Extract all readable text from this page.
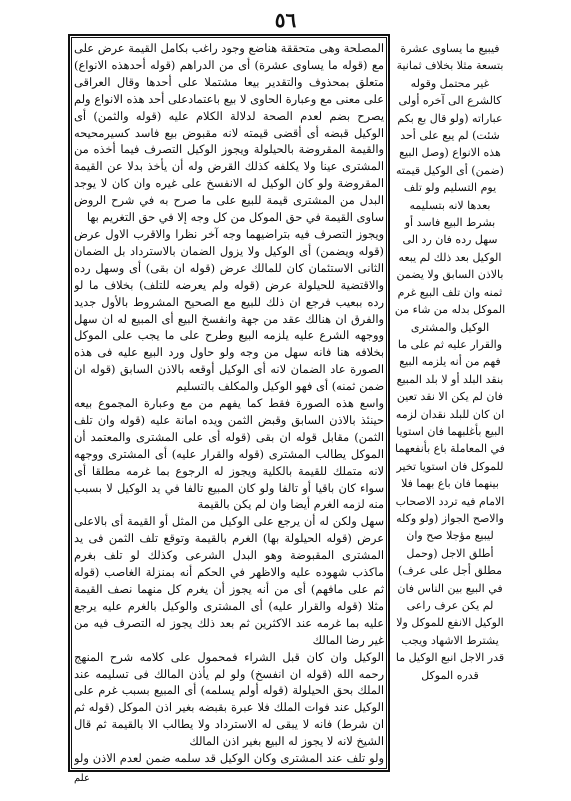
٥٦

المصلحة وهى متحققة هناضع وجود راغب بكامل القيمة عرض على مع (قوله ما يساوى عشرة) أى من الدراهم (قوله أحدهذه الانواع) متعلق بمحذوف والتقدير بيعا مشتملا على أحدها وقال العراقى على معنى مع وعبارة الحاوى لا بيع باعتمادعلى أحد هذه الانواع ولم يصرح بضم لعدم الصحة لدلالة الكلام عليه (قوله والثمن) أى الوكيل قبضه أى أقضى قيمته لانه مقبوض بيع فاسد كسيرمحيحه والقيمة المقروضة بالحيلولة ويجوز الوكيل التصرف فيما أخذه من المشترى عينا ولا يكلفه كذلك القرض وله أن يأخذ بدلا عن القيمة المقروضة ولو كان الوكيل له الانفسخ على غيره وان كان لا يوجد البدل من المشترى قيمة للبيع على ما صرح به في شرح الروض ساوى القيمة في حق الموكل من كل وجه إلا في حق التغريم بها

ويجوز التصرف فيه بتراضيهما وجه آخر نظرا والاقرب الاول عرض (قوله ويضمن) أى الوكيل ولا يزول الضمان بالاسترداد بل الضمان الثانى الاستئمان كان للمالك عرض (قوله ان بقى) أى وسهل رده والاقتضية للحيلولة عرض (قوله ولم يعرضه للتلف) بخلاف ما لو رده ببعيب فرجع ان ذلك للبيع مع الصحيح المشروط بالأول جديد والفرق ان هنالك عقد من جهة وانفسخ البيع أى المبيع له ان سهل ووجهه الشرع عليه يلزمه البيع وطرح على ما يجب على الموكل بخلافه هنا فانه سهل من وجه ولو حاول ورد البيع عليه فى هذه الصورة عاد الضمان لانه أى الوكيل أوقعه بالاذن السابق (قوله ان ضمن ثمنه) أى فهو الوكيل والمكلف بالتسليم

واسع هذه الصورة فقط كما يفهم من مع وعبارة المجموع بيعه حينئذ بالاذن السابق وقبض الثمن ويده امانة عليه (قوله وان تلف الثمن) مقابل قوله ان بقى (قوله أى على المشترى والمعتمد أن الموكل يطالب المشترى (قوله والقرار عليه) أى المشترى ووجهه لانه متملك للقيمة بالكلية ويجوز له الرجوع بما غرمه مطلقا أى سواء كان باقيا أو تالفا ولو كان المبيع تالفا في يد الوكيل لا بسبب منه لزمه الغرم أيضا وان لم يكن بالقيمة

سهل ولكن له أن يرجع على الوكيل من المثل أو القيمة أى بالاعلى عرض (قوله الحيلولة بها) الغرم بالقيمة وتوقع تلف الثمن فى يد المشترى المقبوضة وهو البدل الشرعى وكذلك لو تلف بغرم ماكذب شهوده عليه والاظهر في الحكم أنه بمنزلة الغاصب (قوله ثم على مافهم) أى من أنه يجوز أن يغرم كل منهما نصف القيمة مثلا (قوله والقرار عليه) أى المشترى والوكيل بالغرم عليه يرجع عليه بما غرمه عند الاكثرين ثم بعد ذلك يجوز له التصرف فيه من غير رضا المالك

الوكيل وان كان قبل الشراء فمحمول على كلامه شرح المنهج رحمه الله (قوله ان انفسخ) ولو لم يأذن المالك فى تسليمه عند الملك بحق الحيلولة (قوله أولم يسلمه) أى المبيع بسبب غرم على الوكيل عند فوات الملك فلا عبرة بقبضه بغير اذن الموكل (قوله ثم ان شرط) فانه لا يبقى له الاسترداد ولا يطالب الا بالقيمة ثم قال الشيخ لانه لا يجوز له البيع بغير اذن المالك

ولو تلف عند المشترى وكان الوكيل قد سلمه ضمن لعدم الاذن ولو

فيبيع ما يساوى عشرة بتسعة مثلا بخلاف ثمانية غير محتمل وقوله كالشرع الى آخره أولى عباراته (ولو قال بع بكم شئت) لم يبع على أحد هذه الانواع (وصل البيع (ضمن) أى الوكيل قيمته يوم التسليم ولو تلف بعدها لانه بتسليمه بشرط البيع فاسد أو سهل رده فان رد الى الوكيل بعد ذلك لم يبعه بالاذن السابق ولا يضمن ثمنه وان تلف البيع غرم الموكل بدله من شاء من الوكيل والمشترى والقرار عليه ثم على ما فهم من أنه يلزمه البيع بنقد البلد أو لا بلد المبيع فان لم يكن الا نقد تعين ان كان للبلد نقدان لزمه البيع بأغلبهما فان استويا في المعاملة باع بأنفعهما للموكل فان استويا تخير بينهما فان باع بهما فلا الامام فيه تردد الاصحاب والاصح الجواز (ولو وكله ليبيع مؤجلا صح وان أطلق الاجل (وحمل مطلق أجل على عرف) في البيع بين الناس فان لم يكن عرف راعى الوكيل الانفع للموكل ولا يشترط الاشهاد ويجب قدر الاجل انبع الوكيل ما قدره الموكل

علم
